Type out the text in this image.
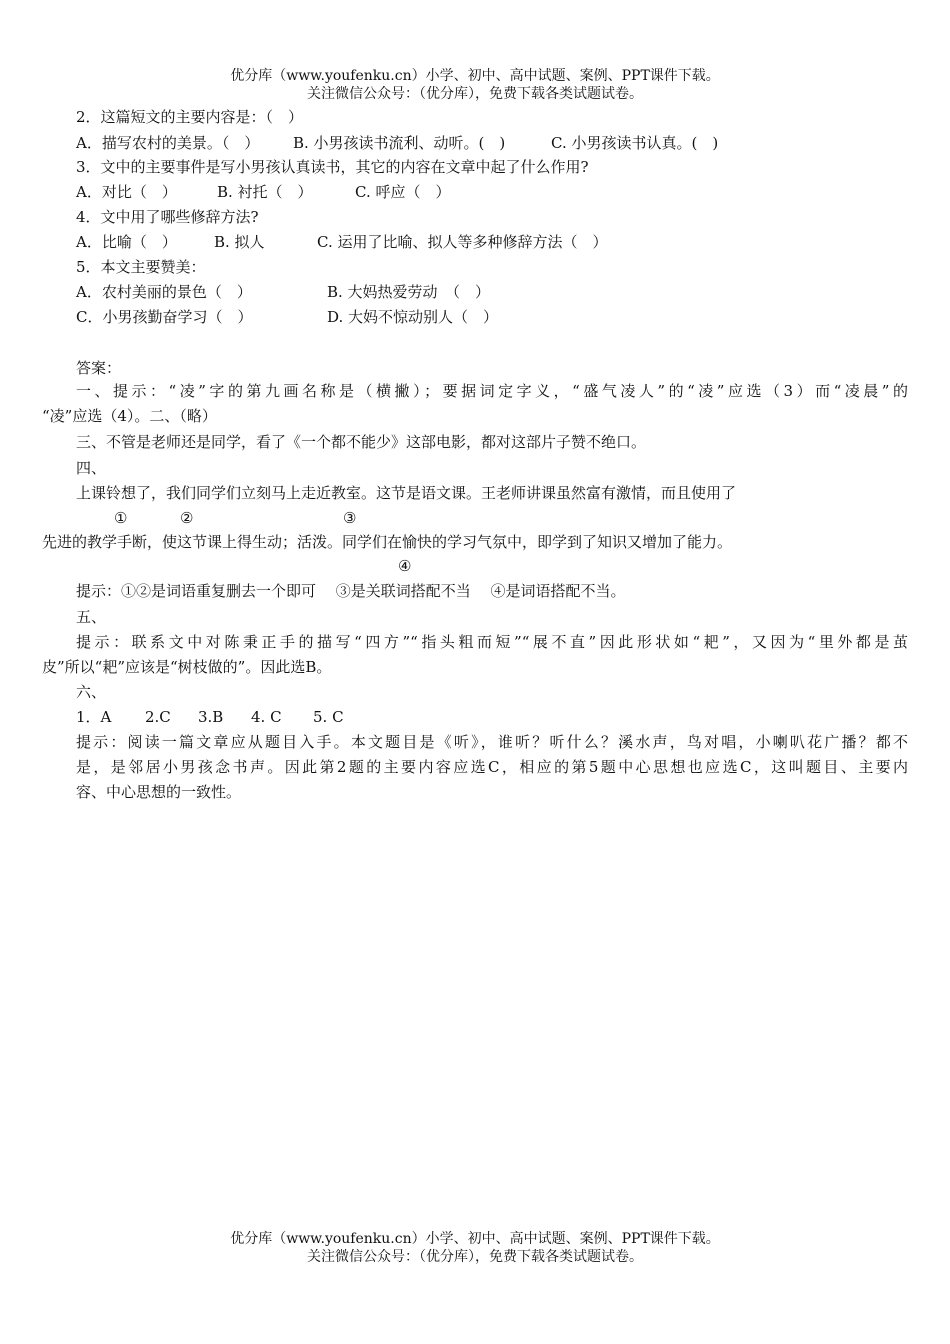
优分库（www.youfenku.cn）小学、初中、高中试题、案例、PPT课件下载。
关注微信公众号：（优分库），免费下载各类试题试卷。
2．这篇短文的主要内容是：（　）
A．描写农村的美景。（　） B. 小男孩读书流利、动听。(　)	C. 小男孩读书认真。(　)
3．文中的主要事件是写小男孩认真读书，其它的内容在文章中起了什么作用?
A．对比（　）	B. 衬托（　）	C. 呼应（　）
4．文中用了哪些修辞方法?
A．比喻（　） B. 拟人	C. 运用了比喻、拟人等多种修辞方法（　）
5．本文主要赞美：
A．农村美丽的景色（　）	B. 大妈热爱劳动　（　）
C．小男孩勤奋学习（　）	D. 大妈不惊动别人（　）
答案：
一、提示：“凌”字的第九画名称是（横撇）；要据词定字义，“盛气凌人”的“凌”应选（3）而“凌晨”的
“凌”应选（4）。二、（略）
三、不管是老师还是同学，看了《一个都不能少》这部电影，都对这部片子赞不绝口。
四、
上课铃想了，我们同学们立刻马上走近教室。这节是语文课。王老师讲课虽然富有激情，而且使用了
①	②	③
先进的教学手断，使这节课上得生动；活泼。同学们在愉快的学习气氛中，即学到了知识又增加了能力。
④
提示：①②是词语重复删去一个即可　 ③是关联词搭配不当　 ④是词语搭配不当。
五、
提示：联系文中对陈秉正手的描写“四方”“指头粗而短”“展不直”因此形状如“耙”，又因为“里外都是茧
皮”所以“耙”应该是“树枝做的”。因此选B。
六、
1．A 2.C 3.B 4. C 5. C
提示：阅读一篇文章应从题目入手。本文题目是《听》，谁听？听什么？溪水声，鸟对唱，小喇叭花广播？都不
是，是邻居小男孩念书声。因此第2题的主要内容应选C，相应的第5题中心思想也应选C，这叫题目、主要内
容、中心思想的一致性。
优分库（www.youfenku.cn）小学、初中、高中试题、案例、PPT课件下载。
关注微信公众号：（优分库），免费下载各类试题试卷。
